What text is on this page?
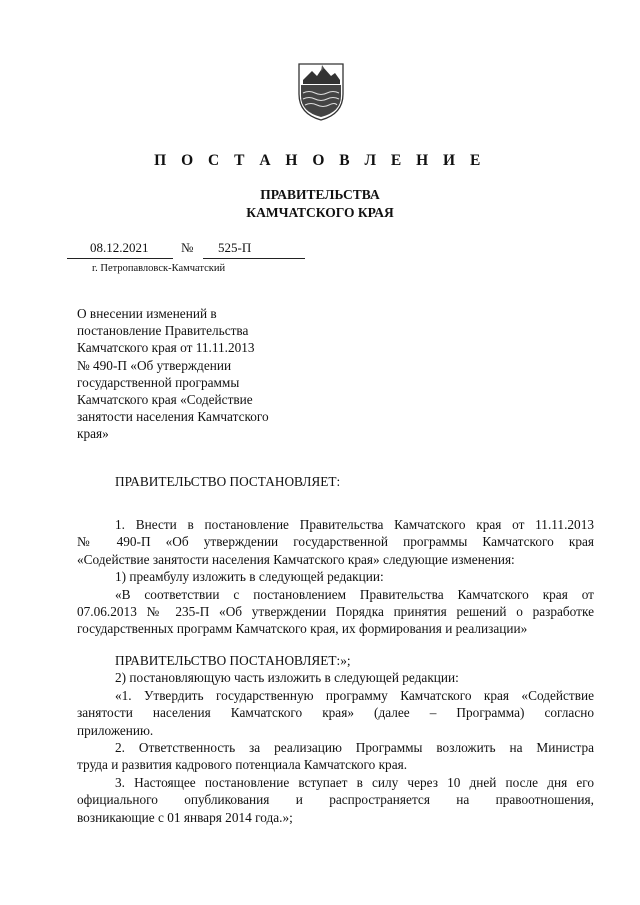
П О С Т А Н О В Л Е Н И Е
ПРАВИТЕЛЬСТВА
КАМЧАТСКОГО КРАЯ
08.12.2021	№ 525-П
г. Петропавловск-Камчатский
О внесении изменений в
постановление Правительства
Камчатского края от 11.11.2013
№ 490-П «Об утверждении
государственной программы
Камчатского края «Содействие
занятости населения Камчатского
края»
ПРАВИТЕЛЬСТВО ПОСТАНОВЛЯЕТ:
1. Внести в постановление Правительства Камчатского края от 11.11.2013
№ 490-П «Об утверждении государственной программы Камчатского края
«Содействие занятости населения Камчатского края» следующие изменения:
1) преамбулу изложить в следующей редакции:
«В соответствии с постановлением Правительства Камчатского края от
07.06.2013 № 235-П «Об утверждении Порядка принятия решений о разработке
государственных программ Камчатского края, их формирования и реализации»
ПРАВИТЕЛЬСТВО ПОСТАНОВЛЯЕТ:»;
2) постановляющую часть изложить в следующей редакции:
«1. Утвердить государственную программу Камчатского края «Содействие
занятости населения Камчатского края» (далее – Программа) согласно
приложению.
2. Ответственность за реализацию Программы возложить на Министра
труда и развития кадрового потенциала Камчатского края.
3. Настоящее постановление вступает в силу через 10 дней после дня его
официального опубликования и распространяется на правоотношения,
возникающие с 01 января 2014 года.»;
